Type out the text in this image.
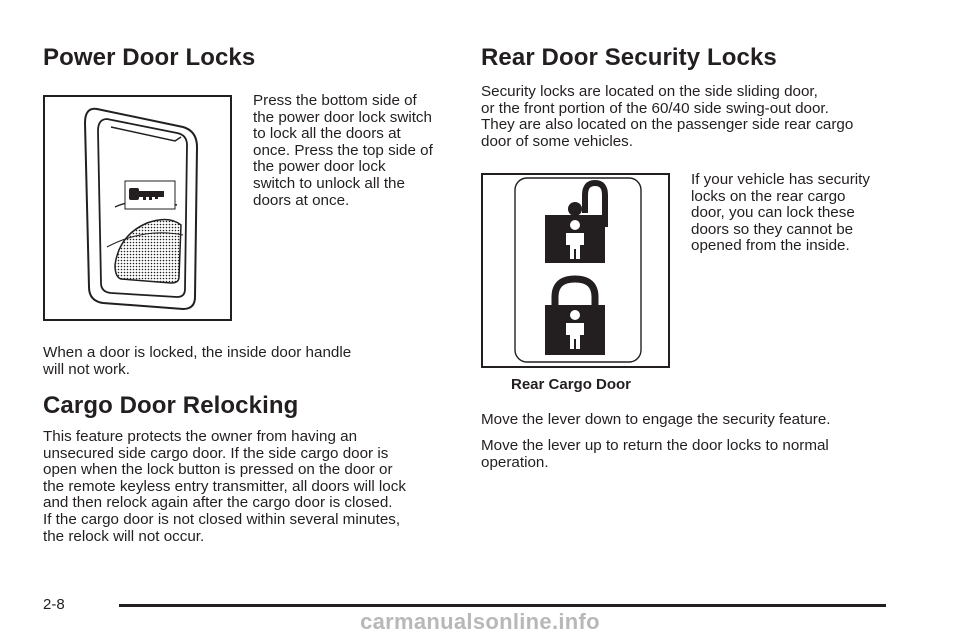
Power Door Locks
Press the bottom side of
the power door lock switch
to lock all the doors at
once. Press the top side of
the power door lock
switch to unlock all the
doors at once.
When a door is locked, the inside door handle
will not work.
Cargo Door Relocking
This feature protects the owner from having an
unsecured side cargo door. If the side cargo door is
open when the lock button is pressed on the door or
the remote keyless entry transmitter, all doors will lock
and then relock again after the cargo door is closed.
If the cargo door is not closed within several minutes,
the relock will not occur.
Rear Door Security Locks
Security locks are located on the side sliding door,
or the front portion of the 60/40 side swing-out door.
They are also located on the passenger side rear cargo
door of some vehicles.
Rear Cargo Door
If your vehicle has security
locks on the rear cargo
door, you can lock these
doors so they cannot be
opened from the inside.
Move the lever down to engage the security feature.
Move the lever up to return the door locks to normal
operation.
2-8
carmanualsonline.info
